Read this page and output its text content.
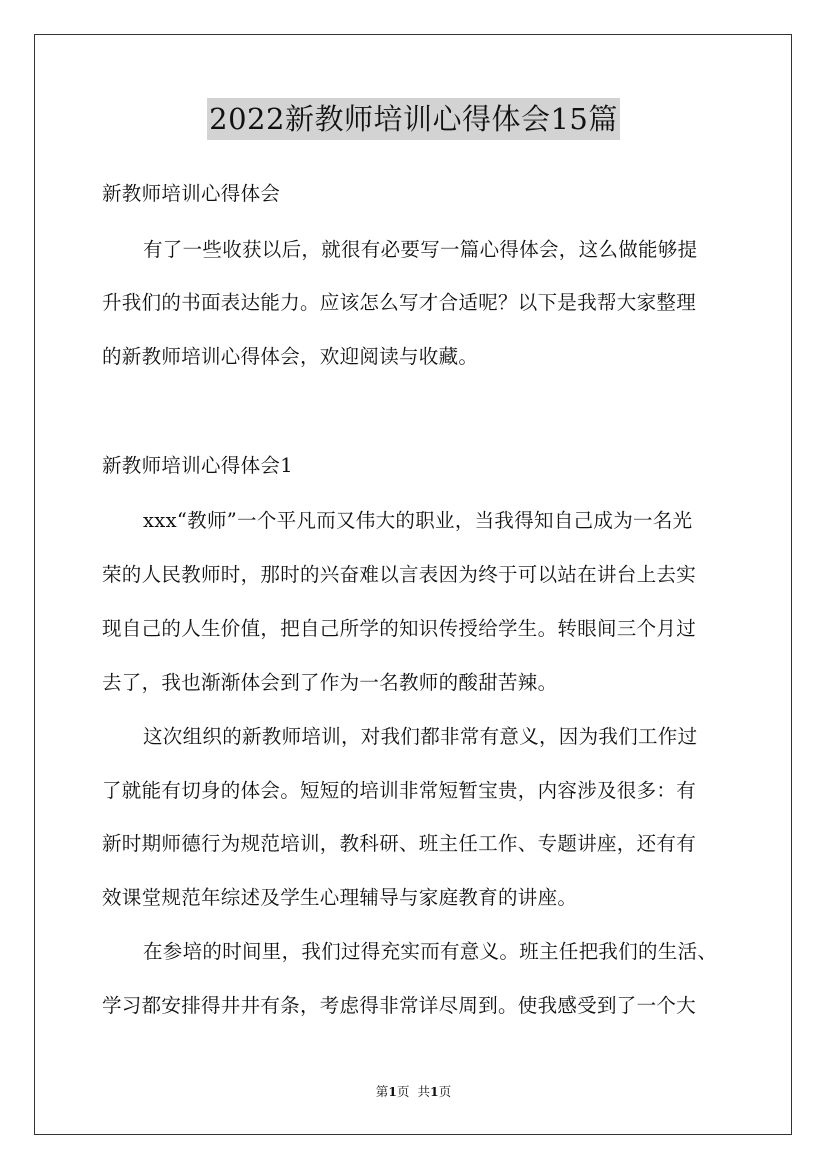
2022新教师培训心得体会15篇
新教师培训心得体会
有了一些收获以后，就很有必要写一篇心得体会，这么做能够提
升我们的书面表达能力。应该怎么写才合适呢？以下是我帮大家整理
的新教师培训心得体会，欢迎阅读与收藏。
新教师培训心得体会1
xxx“教师”一个平凡而又伟大的职业，当我得知自己成为一名光
荣的人民教师时，那时的兴奋难以言表因为终于可以站在讲台上去实
现自己的人生价值，把自己所学的知识传授给学生。转眼间三个月过
去了，我也渐渐体会到了作为一名教师的酸甜苦辣。
这次组织的新教师培训，对我们都非常有意义，因为我们工作过
了就能有切身的体会。短短的培训非常短暂宝贵，内容涉及很多：有
新时期师德行为规范培训，教科研、班主任工作、专题讲座，还有有
效课堂规范年综述及学生心理辅导与家庭教育的讲座。
在参培的时间里，我们过得充实而有意义。班主任把我们的生活、
学习都安排得井井有条，考虑得非常详尽周到。使我感受到了一个大
第1页 共1页
